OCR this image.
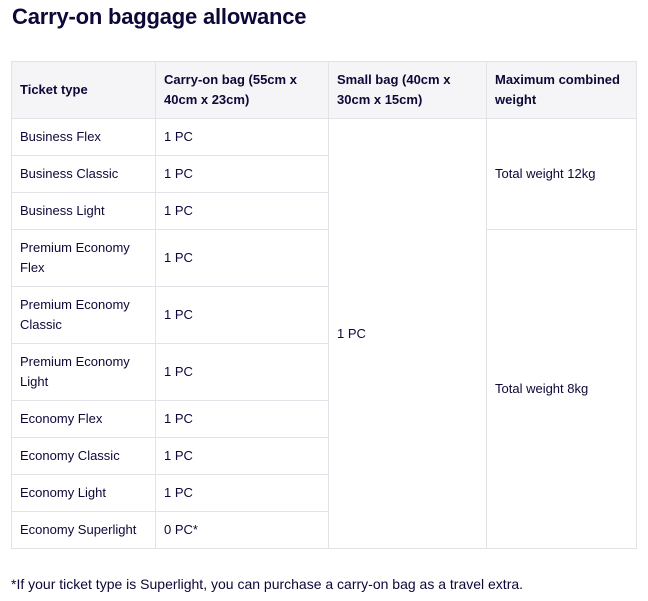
Carry-on baggage allowance
Ticket type	Carry-on bag (55cm x 40cm x 23cm)	Small bag (40cm x 30cm x 15cm)	Maximum combined weight
Business Flex	1 PC	1 PC	Total weight 12kg
Business Classic	1 PC		
Business Light	1 PC		
Premium Economy Flex	1 PC		Total weight 8kg
Premium Economy  Classic	1 PC		
Premium Economy Light	1 PC		
Economy Flex	1 PC		
Economy Classic	1 PC		
Economy Light	1 PC		
Economy Superlight	0 PC*		

*If your ticket type is Superlight, you can purchase a carry-on bag as a travel extra.
